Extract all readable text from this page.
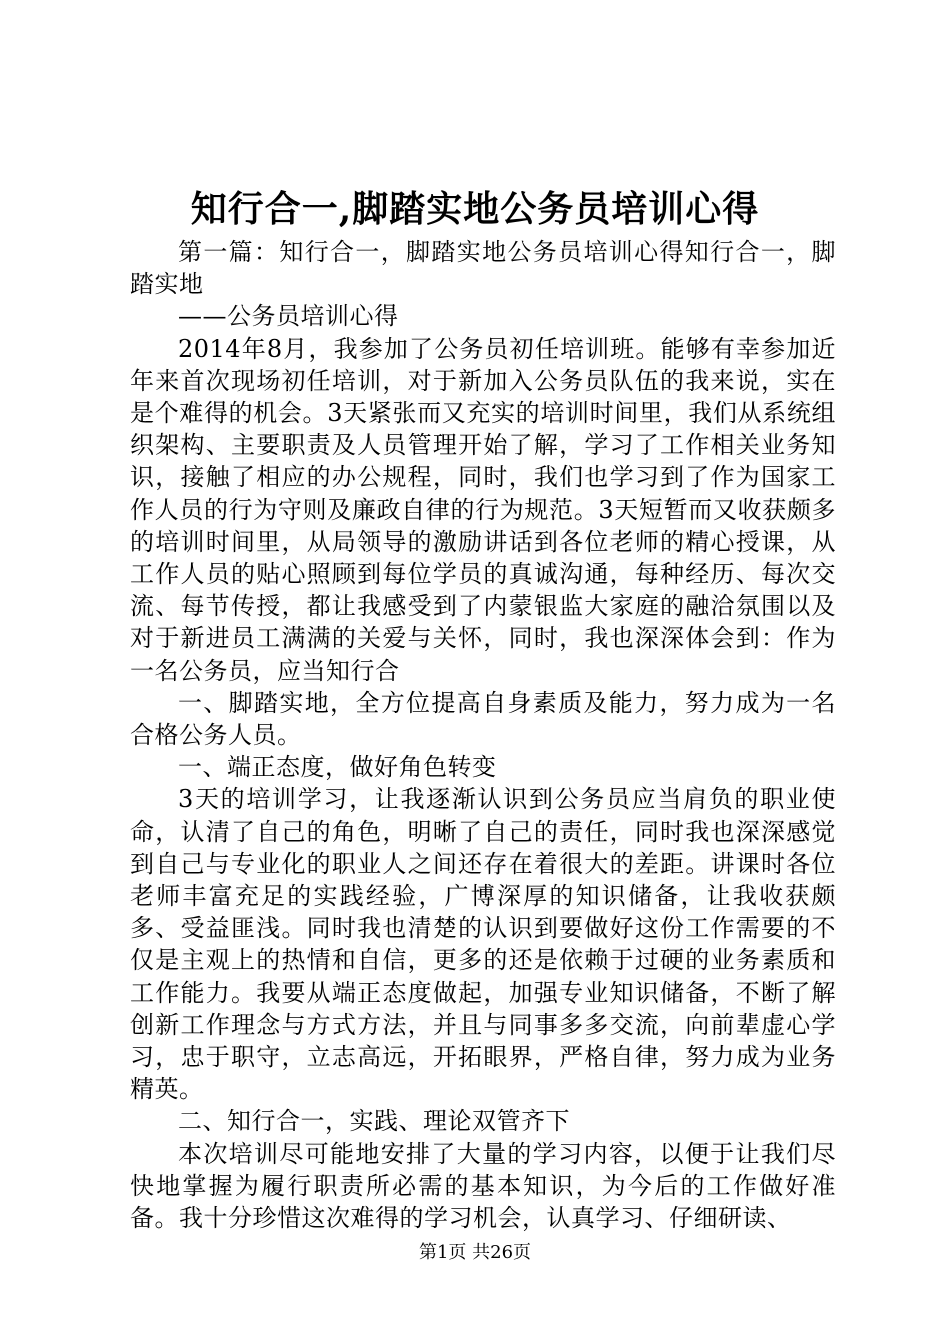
知行合一,脚踏实地公务员培训心得

第一篇：知行合一，脚踏实地公务员培训心得知行合一，脚踏实地

——公务员培训心得

2014年8月，我参加了公务员初任培训班。能够有幸参加近年来首次现场初任培训，对于新加入公务员队伍的我来说，实在是个难得的机会。3天紧张而又充实的培训时间里，我们从系统组织架构、主要职责及人员管理开始了解，学习了工作相关业务知识，接触了相应的办公规程，同时，我们也学习到了作为国家工作人员的行为守则及廉政自律的行为规范。3天短暂而又收获颇多的培训时间里，从局领导的激励讲话到各位老师的精心授课，从工作人员的贴心照顾到每位学员的真诚沟通，每种经历、每次交流、每节传授，都让我感受到了内蒙银监大家庭的融洽氛围以及对于新进员工满满的关爱与关怀，同时，我也深深体会到：作为一名公务员，应当知行合

一、脚踏实地，全方位提高自身素质及能力，努力成为一名合格公务人员。

一、端正态度，做好角色转变

3天的培训学习，让我逐渐认识到公务员应当肩负的职业使命，认清了自己的角色，明晰了自己的责任，同时我也深深感觉到自己与专业化的职业人之间还存在着很大的差距。讲课时各位老师丰富充足的实践经验，广博深厚的知识储备，让我收获颇多、受益匪浅。同时我也清楚的认识到要做好这份工作需要的不仅是主观上的热情和自信，更多的还是依赖于过硬的业务素质和工作能力。我要从端正态度做起，加强专业知识储备，不断了解创新工作理念与方式方法，并且与同事多多交流，向前辈虚心学习，忠于职守，立志高远，开拓眼界，严格自律，努力成为业务精英。

二、知行合一，实践、理论双管齐下

本次培训尽可能地安排了大量的学习内容，以便于让我们尽快地掌握为履行职责所必需的基本知识，为今后的工作做好准备。我十分珍惜这次难得的学习机会，认真学习、仔细研读、

第1页 共26页
